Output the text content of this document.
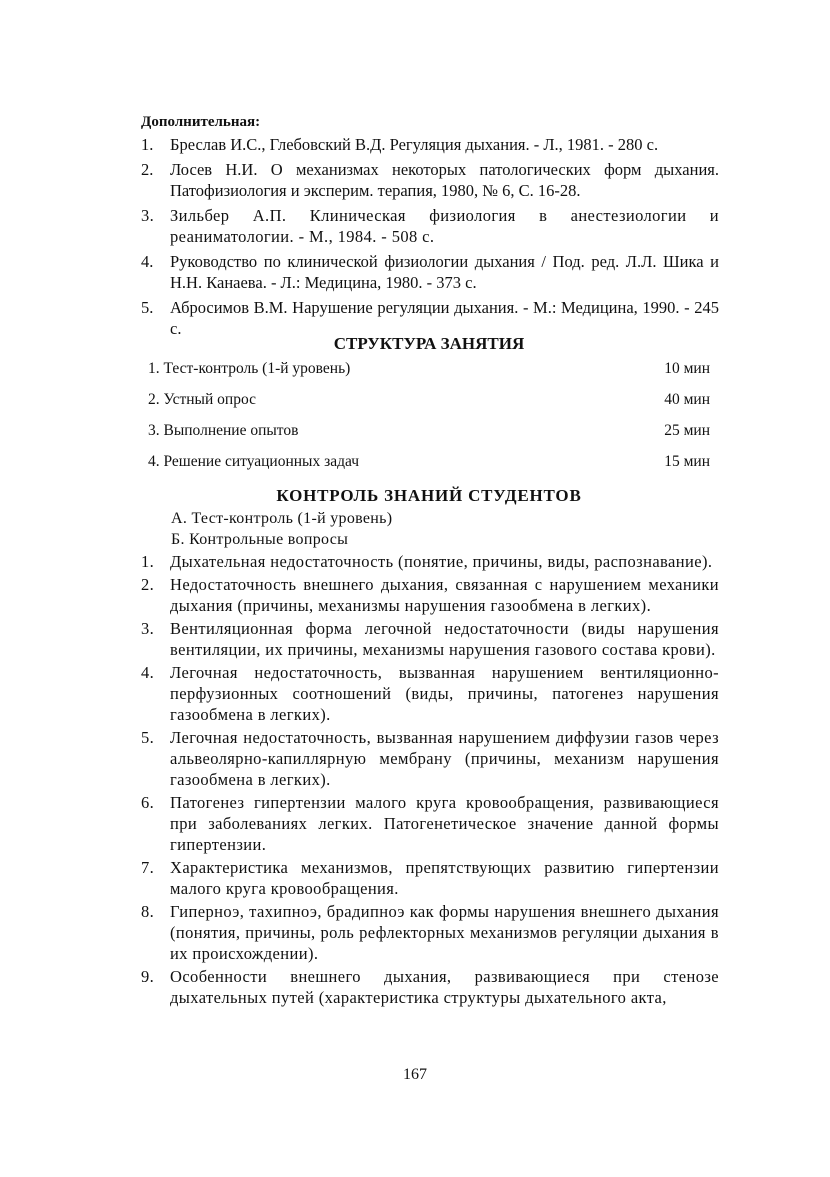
Дополнительная:
1. Бреслав И.С., Глебовский В.Д. Регуляция дыхания. - Л., 1981. - 280 с.
2. Лосев Н.И. О механизмах некоторых патологических форм дыхания. Патофизиология и эксперим. терапия, 1980, № 6, С. 16-28.
3. Зильбер А.П. Клиническая физиология в анестезиологии и реаниматологии. - М., 1984. - 508 с.
4. Руководство по клинической физиологии дыхания / Под. ред. Л.Л. Шика и Н.Н. Канаева. - Л.: Медицина, 1980. - 373 с.
5. Абросимов В.М. Нарушение регуляции дыхания. - М.: Медицина, 1990. - 245 с.
СТРУКТУРА ЗАНЯТИЯ
1. Тест-контроль (1-й уровень)	10 мин
2. Устный опрос	40 мин
3. Выполнение опытов	25 мин
4. Решение ситуационных задач	15 мин
КОНТРОЛЬ ЗНАНИЙ СТУДЕНТОВ
А. Тест-контроль (1-й уровень)
Б. Контрольные вопросы
1. Дыхательная недостаточность (понятие, причины, виды, распознавание).
2. Недостаточность внешнего дыхания, связанная с нарушением механики дыхания (причины, механизмы нарушения газообмена в легких).
3. Вентиляционная форма легочной недостаточности (виды нарушения вентиляции, их причины, механизмы нарушения газового состава крови).
4. Легочная недостаточность, вызванная нарушением вентиляционно-перфузионных соотношений (виды, причины, патогенез нарушения газообмена в легких).
5. Легочная недостаточность, вызванная нарушением диффузии газов через альвеолярно-капиллярную мембрану (причины, механизм нарушения газообмена в легких).
6. Патогенез гипертензии малого круга кровообращения, развивающиеся при заболеваниях легких. Патогенетическое значение данной формы гипертензии.
7. Характеристика механизмов, препятствующих развитию гипертензии малого круга кровообращения.
8. Гиперноэ, тахипноэ, брадипноэ как формы нарушения внешнего дыхания (понятия, причины, роль рефлекторных механизмов регуляции дыхания в их происхождении).
9. Особенности внешнего дыхания, развивающиеся при стенозе дыхательных путей (характеристика структуры дыхательного акта,
167
